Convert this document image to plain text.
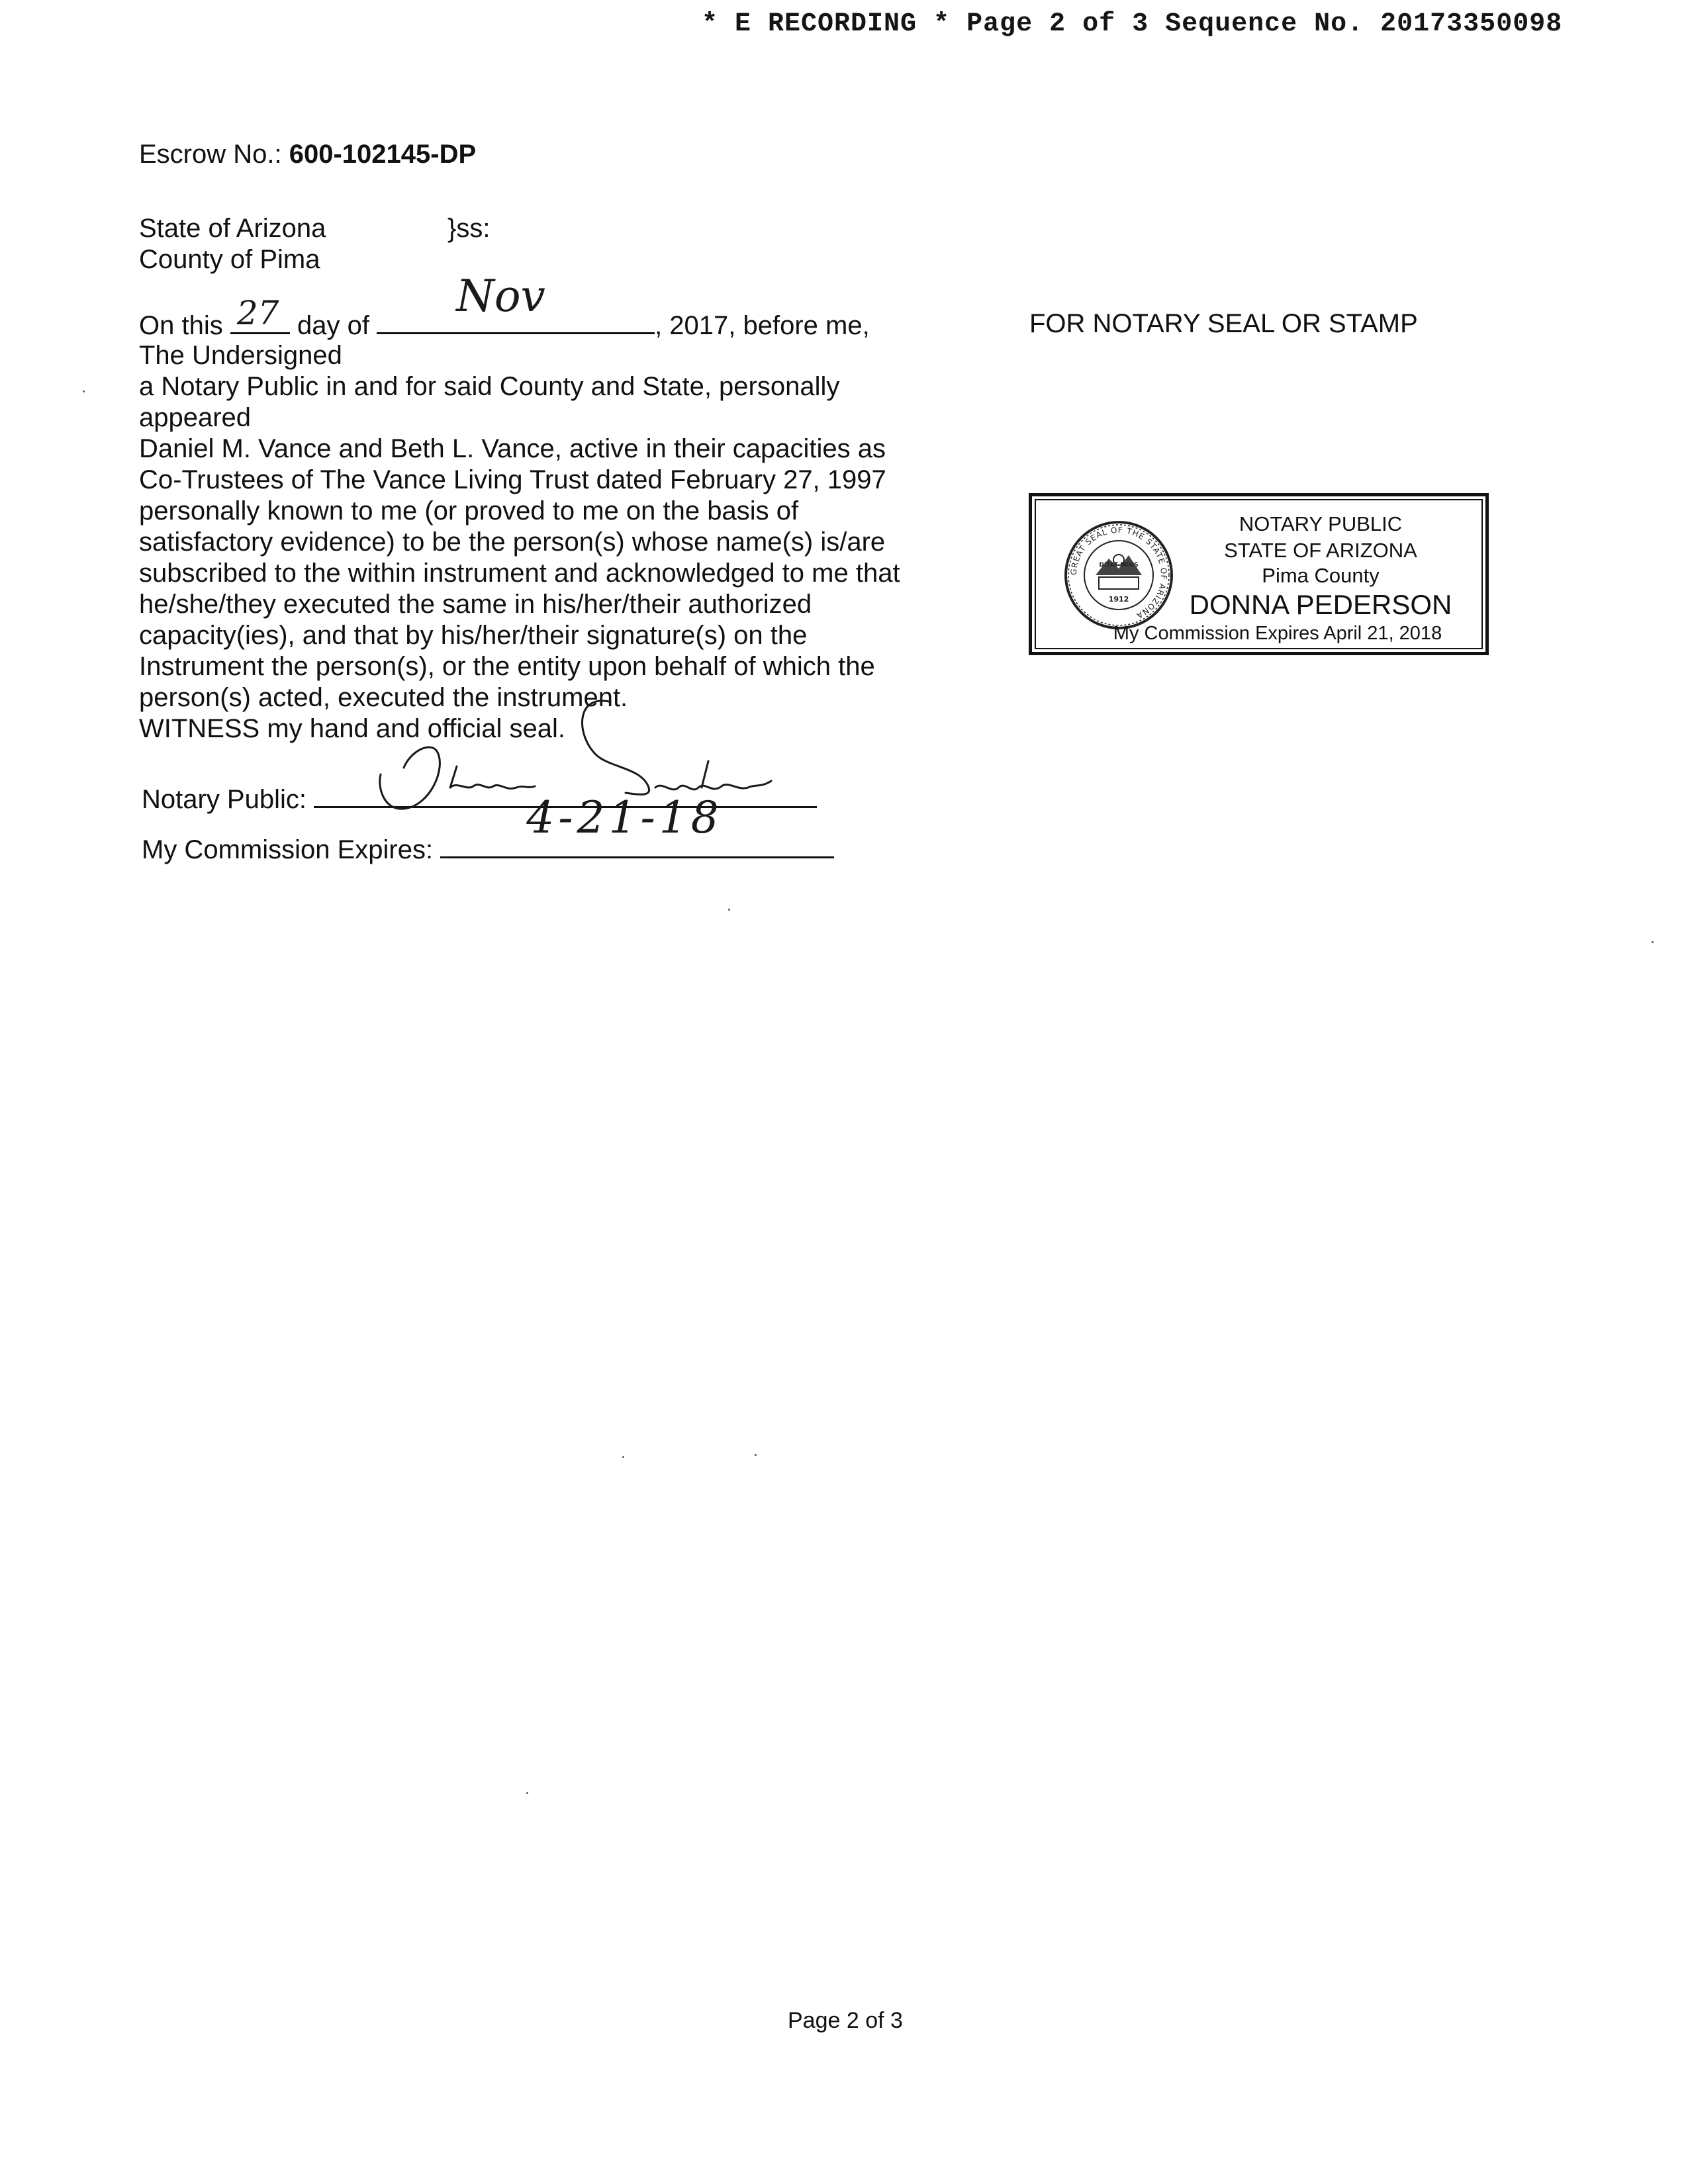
* E RECORDING * Page 2 of 3 Sequence No. 20173350098
Escrow No.: 600-102145-DP
State of Arizona
County of Pima
}ss:
On this 27 day of
Nov
, 2017, before me,	FOR NOTARY SEAL OR STAMP
The Undersigned
a Notary Public in and for said County and State, personally
appeared
Daniel M. Vance and Beth L. Vance, active in their capacities as
Co-Trustees of The Vance Living Trust dated February 27, 1997
personally known to me (or proved to me on the basis of
satisfactory evidence) to be the person(s) whose name(s) is/are
subscribed to the within instrument and acknowledged to me that
he/she/they executed the same in his/her/their authorized
capacity(ies), and that by his/her/their signature(s) on the
Instrument the person(s), or the entity upon behalf of which the
person(s) acted, executed the instrument.
WITNESS my hand and official seal.
Notary Public:
My Commission Expires:
4-21-18
GREAT SEAL OF THE STATE OF ARIZONA
DITAT DEUS
1912
NOTARY PUBLIC
STATE OF ARIZONA
Pima County
DONNA PEDERSON
My Commission Expires April 21, 2018
Page 2 of 3
